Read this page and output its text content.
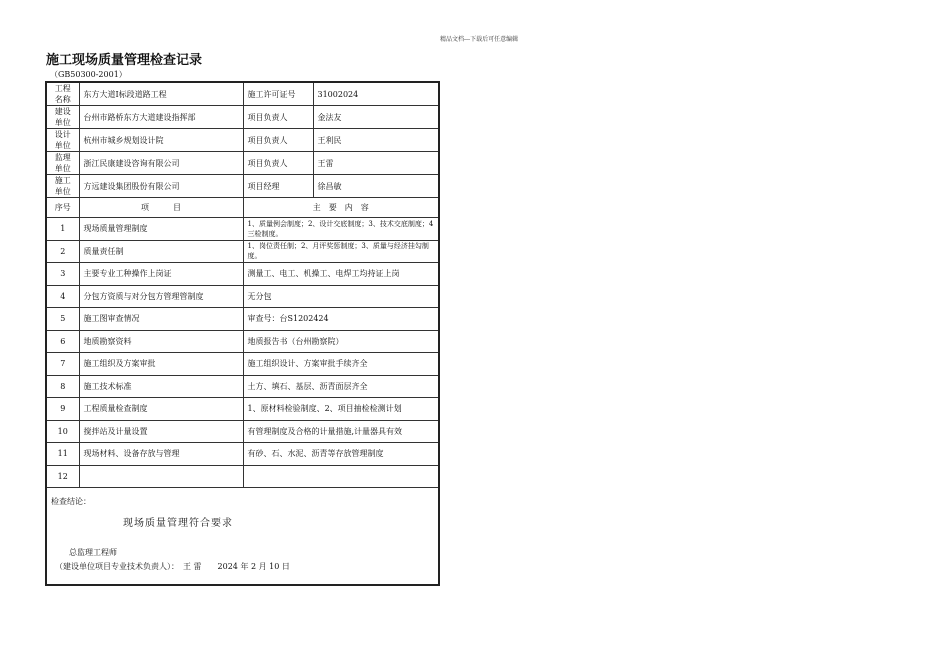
精品文档---下载后可任意编辑
施工现场质量管理检查记录
（GB50300-2001）
工程名称	东方大道Ⅰ标段道路工程	施工许可证号	31002024
建设单位	台州市路桥东方大道建设指挥部	项目负责人	金法友
设计单位	杭州市城乡规划设计院	项目负责人	王利民
监理单位	浙江民康建设咨询有限公司	项目负责人	王雷
施工单位	方远建设集团股份有限公司	项目经理	徐昌敏
序号	项　　　目	主　要　内　容	
1	现场质量管理制度	1、质量例会制度；2、设计交底制度；3、技术交底制度；4三检制度。	
2	质量责任制	1、岗位责任制；2、月评奖惩制度；3、质量与经济挂勾制度。	
3	主要专业工种操作上岗证	测量工、电工、机操工、电焊工均持证上岗	
4	分包方资质与对分包方管理管制度	无分包	
5	施工图审查情况	审查号：台S1202424	
6	地质勘察资料	地质报告书（台州勘察院）	
7	施工组织及方案审批	施工组织设计、方案审批手续齐全	
8	施工技术标准	土方、填石、基层、沥青面层齐全	
9	工程质量检查制度	1、原材料检验制度、2、项目抽检检测计划	
10	搅拌站及计量设置	有管理制度及合格的计量措施,计量器具有效	
11	现场材料、设备存放与管理	有砂、石、水泥、沥青等存放管理制度	
12			

检查结论：
现场质量管理符合要求
总监理工程师
（建设单位项目专业技术负责人）：　王 雷　　2024 年 2 月 10 日			
